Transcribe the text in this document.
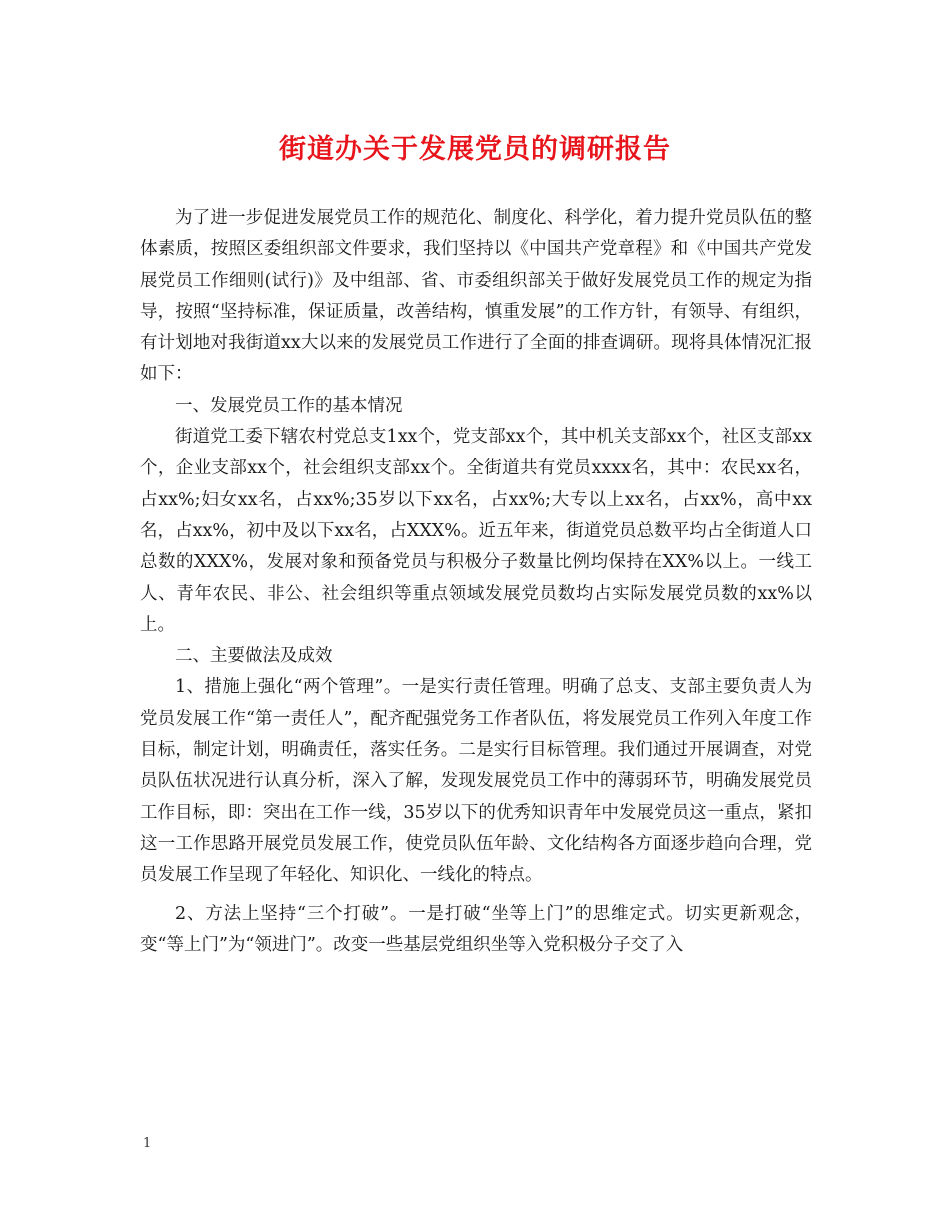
街道办关于发展党员的调研报告

为了进一步促进发展党员工作的规范化、制度化、科学化，着力提升党员队伍的整体素质，按照区委组织部文件要求，我们坚持以《中国共产党章程》和《中国共产党发展党员工作细则(试行)》及中组部、省、市委组织部关于做好发展党员工作的规定为指导，按照“坚持标准，保证质量，改善结构，慎重发展”的工作方针，有领导、有组织，有计划地对我街道xx大以来的发展党员工作进行了全面的排查调研。现将具体情况汇报如下：

一、发展党员工作的基本情况

街道党工委下辖农村党总支1xx个，党支部xx个，其中机关支部xx个，社区支部xx个，企业支部xx个，社会组织支部xx个。全街道共有党员xxxx名，其中：农民xx名，占xx%;妇女xx名，占xx%;35岁以下xx名，占xx%;大专以上xx名，占xx%，高中xx名，占xx%，初中及以下xx名，占XXX%。近五年来，街道党员总数平均占全街道人口总数的XXX%，发展对象和预备党员与积极分子数量比例均保持在XX%以上。一线工人、青年农民、非公、社会组织等重点领域发展党员数均占实际发展党员数的xx%以上。

二、主要做法及成效

1、措施上强化“两个管理”。一是实行责任管理。明确了总支、支部主要负责人为党员发展工作“第一责任人”，配齐配强党务工作者队伍，将发展党员工作列入年度工作目标，制定计划，明确责任，落实任务。二是实行目标管理。我们通过开展调查，对党员队伍状况进行认真分析，深入了解，发现发展党员工作中的薄弱环节，明确发展党员工作目标，即：突出在工作一线，35岁以下的优秀知识青年中发展党员这一重点，紧扣这一工作思路开展党员发展工作，使党员队伍年龄、文化结构各方面逐步趋向合理，党员发展工作呈现了年轻化、知识化、一线化的特点。

2、方法上坚持“三个打破”。一是打破“坐等上门”的思维定式。切实更新观念，变“等上门”为“领进门”。改变一些基层党组织坐等入党积极分子交了入

1
